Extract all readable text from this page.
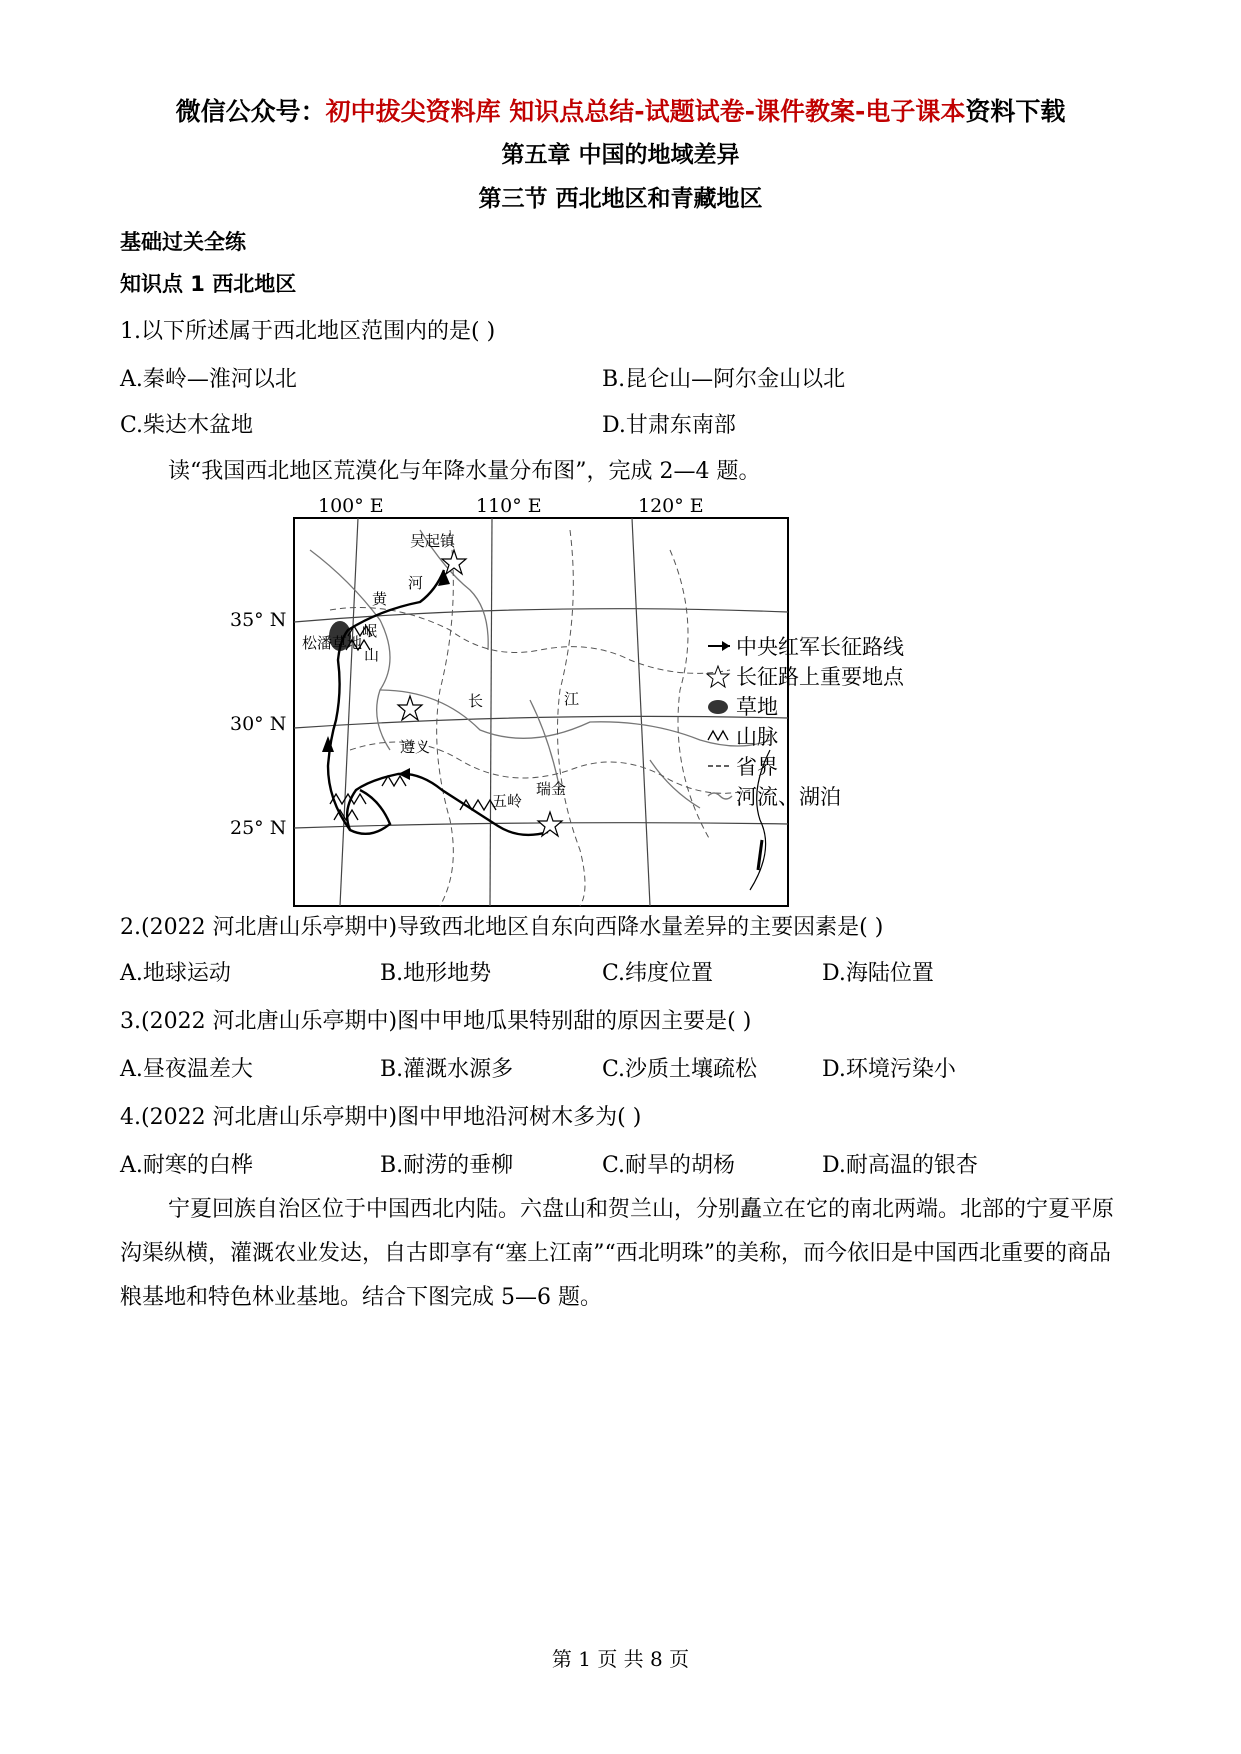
微信公众号：初中拔尖资料库 知识点总结-试题试卷-课件教案-电子课本资料下载
第五章 中国的地域差异
第三节 西北地区和青藏地区
基础过关全练
知识点 1 西北地区
1.以下所述属于西北地区范围内的是( )
A.秦岭—淮河以北	B.昆仑山—阿尔金山以北
C.柴达木盆地	D.甘肃东南部
读“我国西北地区荒漠化与年降水量分布图”，完成 2—4 题。
100° E	110° E	120° E
35° N
30° N
25° N
吴起镇
河
黄
岷
山
松潘草地
长	江
遵义
五岭
瑞金
中央红军长征路线
长征路上重要地点
草地
山脉
省界
河流、湖泊
2.(2022 河北唐山乐亭期中)导致西北地区自东向西降水量差异的主要因素是( )
A.地球运动	B.地形地势	C.纬度位置	D.海陆位置
3.(2022 河北唐山乐亭期中)图中甲地瓜果特别甜的原因主要是( )
A.昼夜温差大	B.灌溉水源多	C.沙质土壤疏松	D.环境污染小
4.(2022 河北唐山乐亭期中)图中甲地沿河树木多为( )
A.耐寒的白桦	B.耐涝的垂柳	C.耐旱的胡杨	D.耐高温的银杏
宁夏回族自治区位于中国西北内陆。六盘山和贺兰山，分别矗立在它的南北两端。北部的宁夏平原沟渠纵横，灌溉农业发达，自古即享有“塞上江南”“西北明珠”的美称，而今依旧是中国西北重要的商品粮基地和特色林业基地。结合下图完成 5—6 题。
第 1 页 共 8 页
